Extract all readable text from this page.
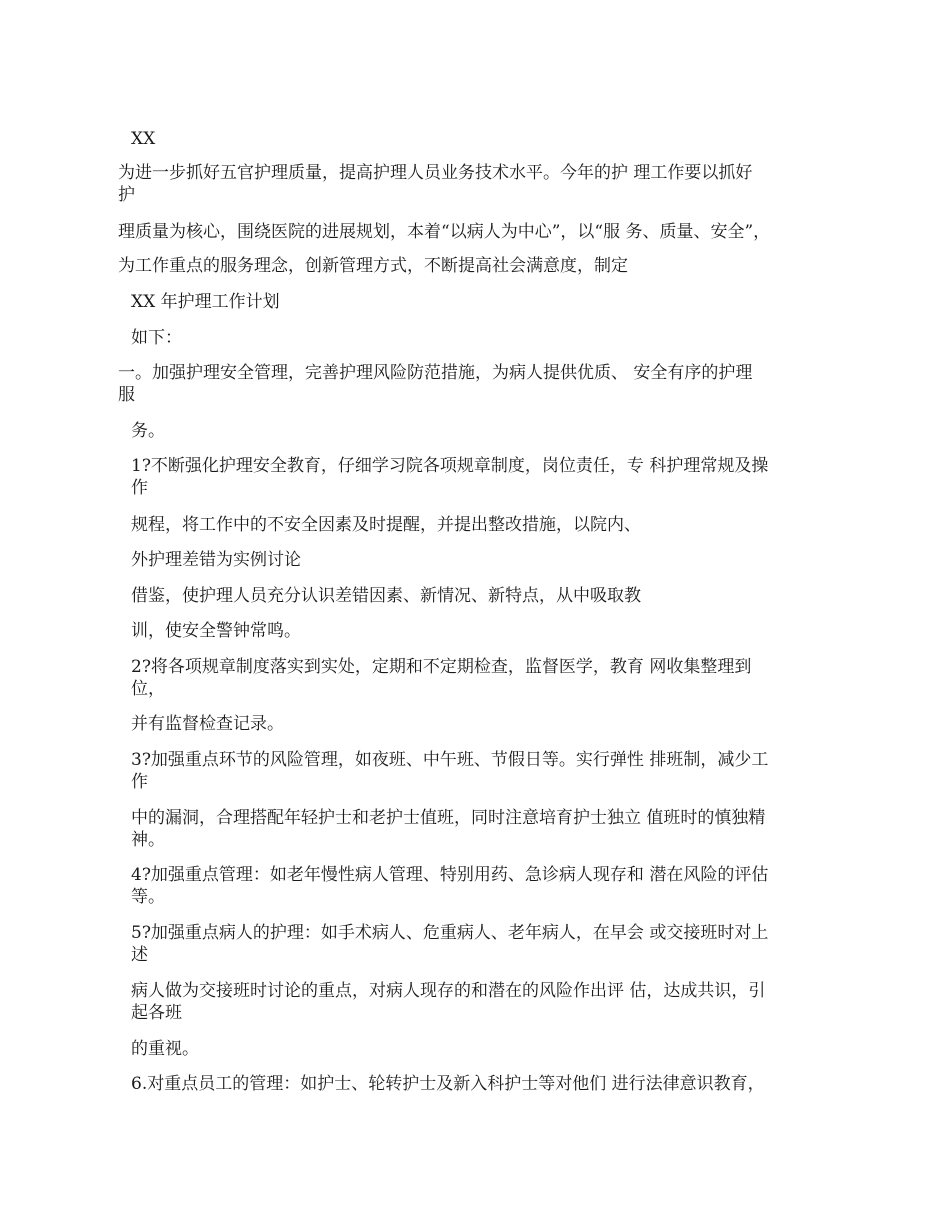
XX

为进一步抓好五官护理质量，提高护理人员业务技术水平。今年的护 理工作要以抓好
护

理质量为核心，围绕医院的进展规划，本着“以病人为中心”，以“服 务、质量、安全”，

为工作重点的服务理念，创新管理方式，不断提高社会满意度，制定

XX 年护理工作计划

如下：

一。加强护理安全管理，完善护理风险防范措施，为病人提供优质、 安全有序的护理
服

务。

1?不断强化护理安全教育，仔细学习院各项规章制度，岗位责任，专 科护理常规及操
作

规程，将工作中的不安全因素及时提醒，并提出整改措施，以院内、

外护理差错为实例讨论

借鉴，使护理人员充分认识差错因素、新情况、新特点，从中吸取教

训，使安全警钟常鸣。

2?将各项规章制度落实到实处，定期和不定期检查，监督医学，教育 网收集整理到
位，

并有监督检查记录。

3?加强重点环节的风险管理，如夜班、中午班、节假日等。实行弹性 排班制，减少工
作

中的漏洞，合理搭配年轻护士和老护士值班，同时注意培育护士独立 值班时的慎独精
神。

4?加强重点管理：如老年慢性病人管理、特别用药、急诊病人现存和 潜在风险的评估
等。

5?加强重点病人的护理：如手术病人、危重病人、老年病人，在早会 或交接班时对上
述

病人做为交接班时讨论的重点，对病人现存的和潜在的风险作出评 估，达成共识，引
起各班

的重视。

6.对重点员工的管理：如护士、轮转护士及新入科护士等对他们 进行法律意识教育，
